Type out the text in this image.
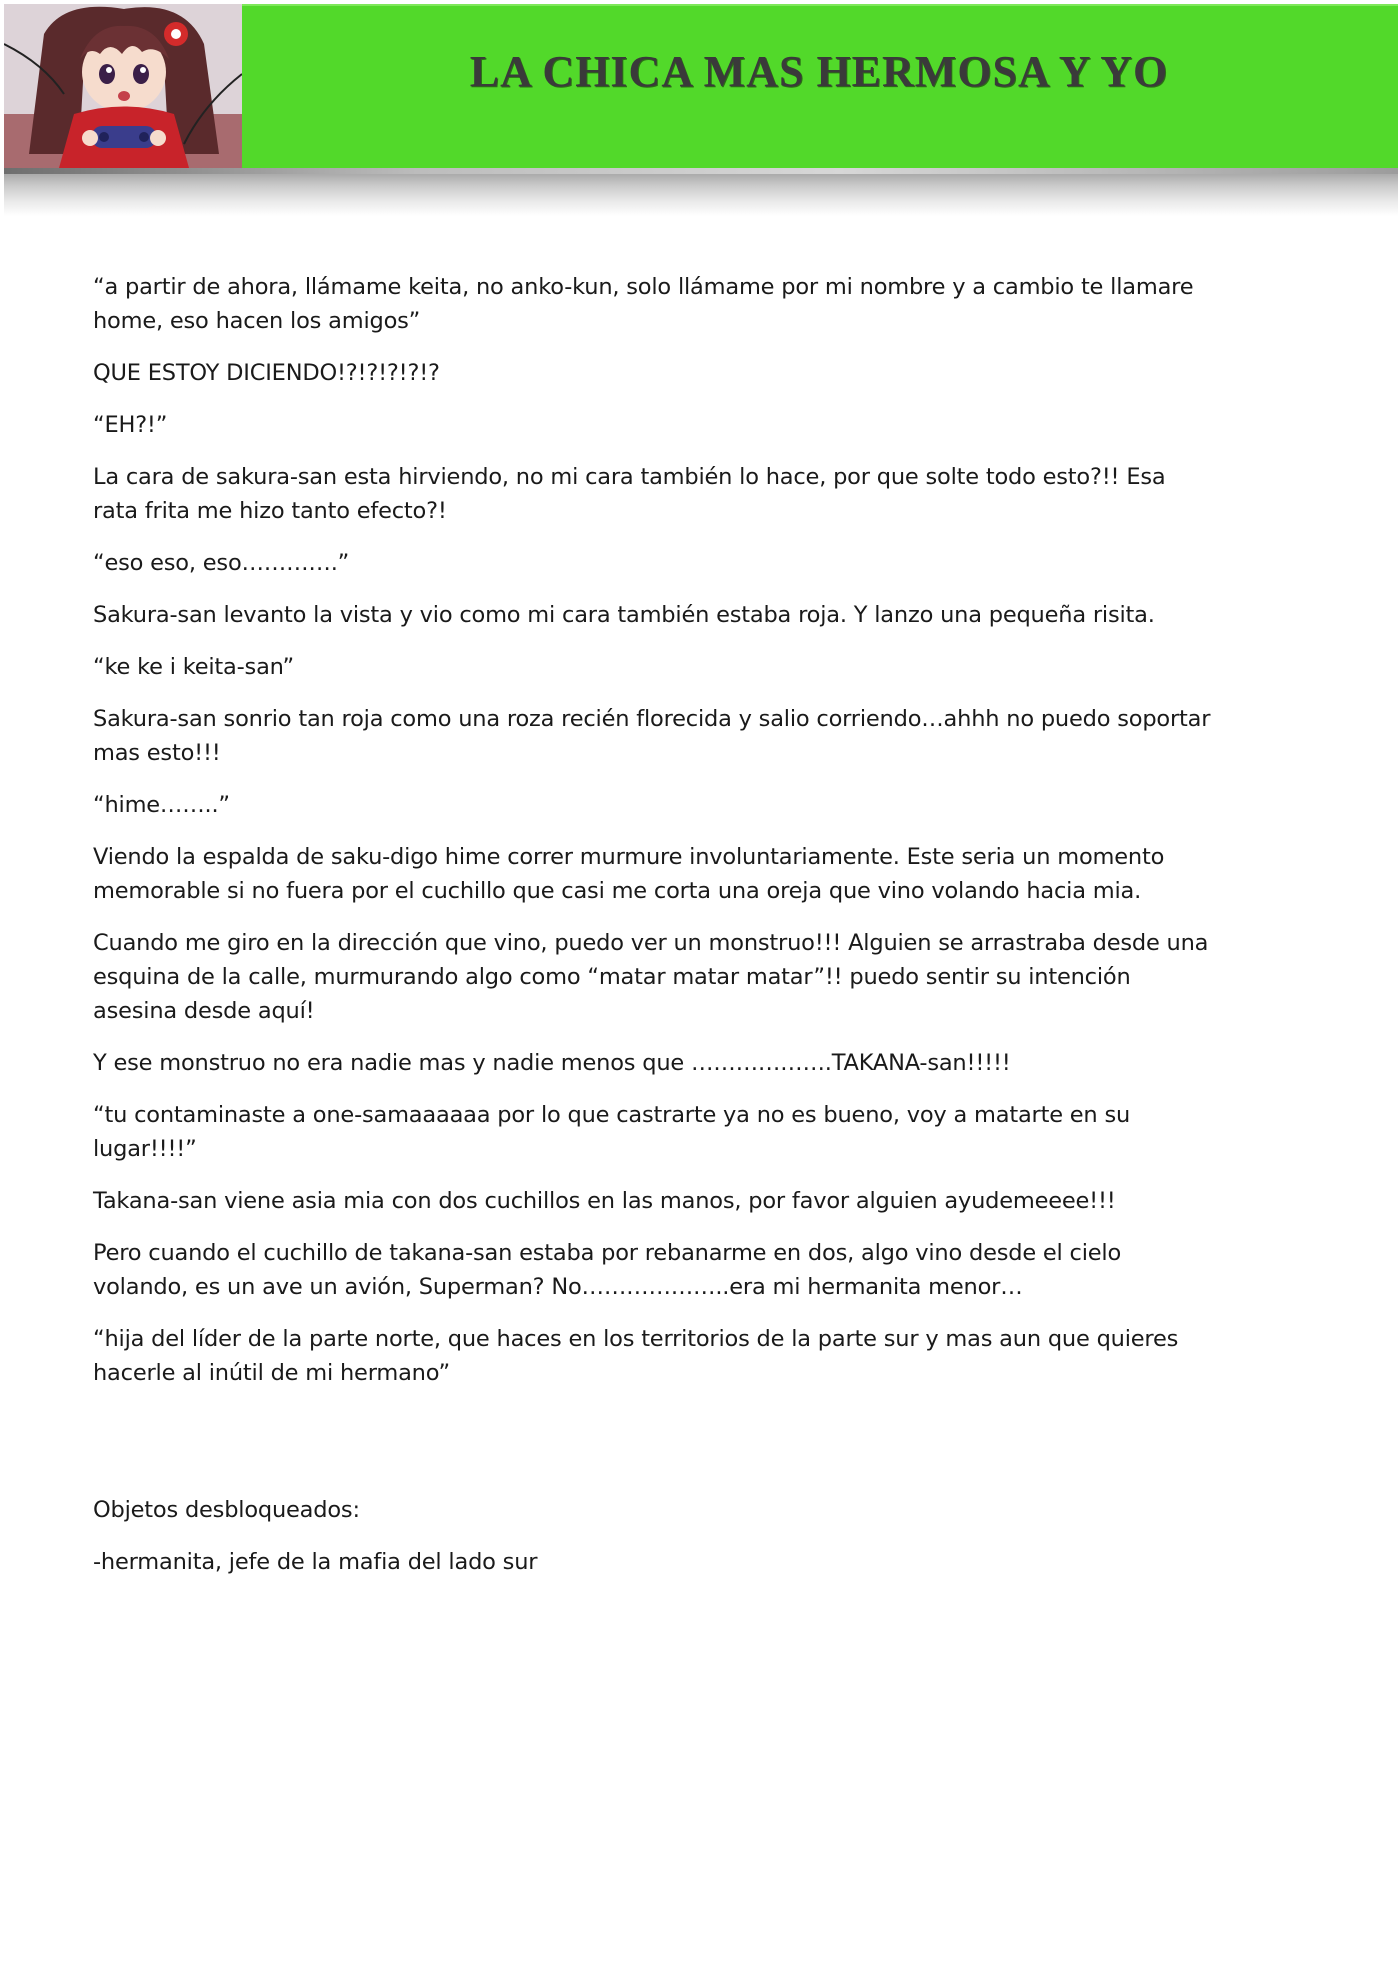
LA CHICA MAS HERMOSA Y YO

“a partir de ahora, llámame keita, no anko-kun, solo llámame por mi nombre y a cambio te llamare home, eso hacen los amigos”

QUE ESTOY DICIENDO!?!?!?!?!?

“EH?!”

La cara de sakura-san esta hirviendo, no mi cara también lo hace, por que solte todo esto?!! Esa rata frita me hizo tanto efecto?!

“eso eso, eso………….”

Sakura-san levanto la vista y vio como mi cara también estaba roja. Y lanzo una pequeña risita.

“ke ke i keita-san”

Sakura-san sonrio tan roja como una roza recién florecida y salio corriendo…ahhh no puedo soportar mas esto!!!

“hime……..”

Viendo la espalda de saku-digo hime correr murmure involuntariamente. Este seria un momento memorable si no fuera por el cuchillo que casi me corta una oreja que vino volando hacia mia.

Cuando me giro en la dirección que vino, puedo ver un monstruo!!! Alguien se arrastraba desde una esquina de la calle, murmurando algo como “matar matar matar”!! puedo sentir su intención asesina desde aquí!

Y ese monstruo no era nadie mas y nadie menos que ……………….TAKANA-san!!!!!

“tu contaminaste a one-samaaaaaa por lo que castrarte ya no es bueno, voy a matarte en su lugar!!!!”

Takana-san viene asia mia con dos cuchillos en las manos, por favor alguien ayudemeeee!!!

Pero cuando el cuchillo de takana-san estaba por rebanarme en dos, algo vino desde el cielo volando, es un ave un avión, Superman? No………………..era mi hermanita menor…

“hija del líder de la parte norte, que haces en los territorios de la parte sur y mas aun que quieres hacerle al inútil de mi hermano”

Objetos desbloqueados:

-hermanita, jefe de la mafia del lado sur
